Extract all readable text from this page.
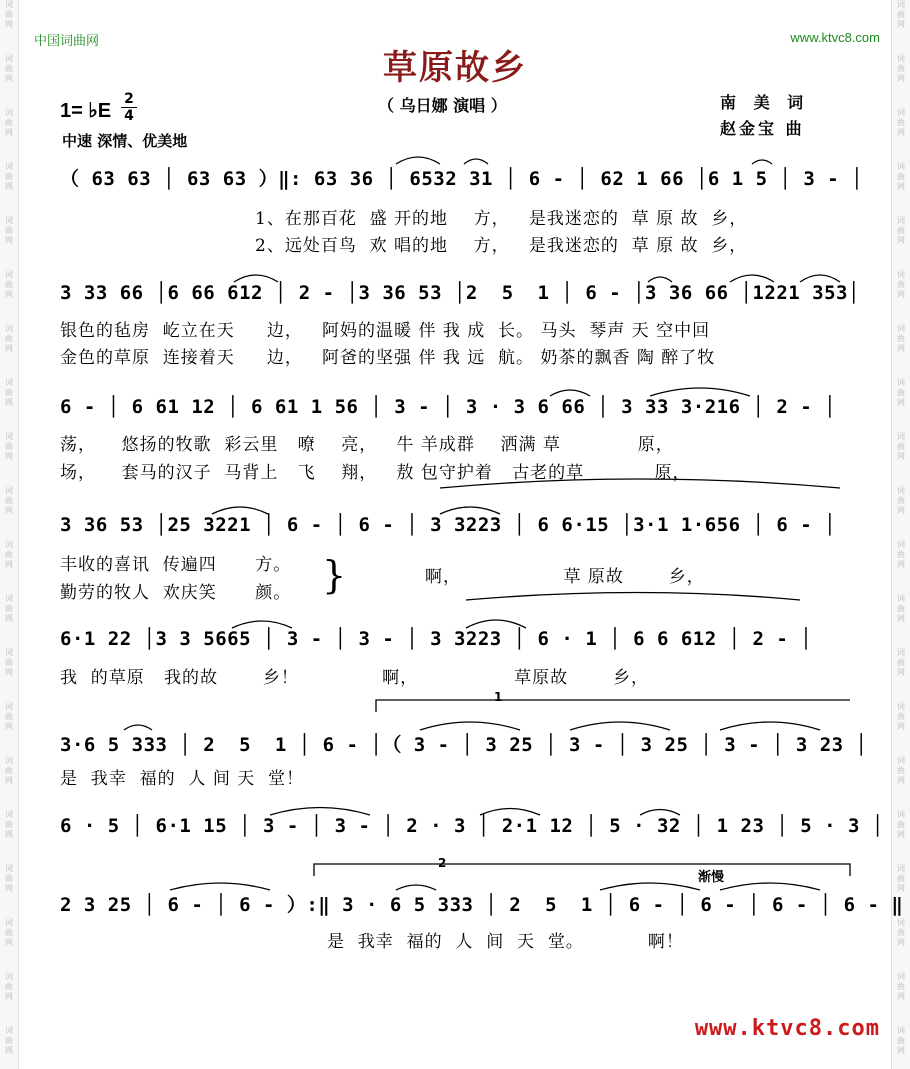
词
曲
网
词
曲
网
词
曲
网
词
曲
网
词
曲
网
词
曲
网
词
曲
网
词
曲
网
词
曲
网
词
曲
网
词
曲
网
词
曲
网
词
曲
网
词
曲
网
词
曲
网
词
曲
网
词
曲
网
词
曲
网
词
曲
网
词
曲
网
词
曲
网
词
曲
网
词
曲
网
词
曲
网
词
曲
网
词
曲
网
词
曲
网
词
曲
网
词
曲
网
词
曲
网
词
曲
网
词
曲
网
词
曲
网
词
曲
网
词
曲
网
词
曲
网
词
曲
网
词
曲
网
词
曲
网
词
曲
网
中国词曲网	www.ktvc8.com
草原故乡
（ 乌日娜 演唱 ）
1= ♭E
2
4
中速 深情、优美地
南 美 词
赵金宝 曲
（ 63 63 │ 63 63 ）‖: 63 36 │ 6532 31 │ 6 - │ 62 1 66 │6 1 5 │ 3 - │
1、在那百花  盛 开的地    方，   是我迷恋的  草 原 故  乡，
2、远处百鸟  欢 唱的地    方，   是我迷恋的  草 原 故  乡，
3 33 66 │6 66 612 │ 2 - │3 36 53 │2  5  1 │ 6 - │3 36 66 │1221 353│
银色的毡房  屹立在天     边，   阿妈的温暖 伴 我 成  长。 马头  琴声 天 空中回
金色的草原  连接着天     边，   阿爸的坚强 伴 我 远  航。 奶茶的飘香 陶 醉了牧
6 - │ 6 61 12 │ 6 61 1 56 │ 3 - │ 3 · 3 6 66 │ 3 33 3·216 │ 2 - │
荡，    悠扬的牧歌  彩云里   嘹    亮，   牛 羊成群    洒满 草            原，
场，    套马的汉子  马背上   飞    翔，   敖 包守护着   古老的草           原，
3 36 53 │25 3221 │ 6 - │ 6 - │ 3 3223 │ 6 6·15 │3·1 1·656 │ 6 - │
丰收的喜讯  传遍四      方。
勤劳的牧人  欢庆笑      颜。 }	啊，                草 原故       乡，
6·1 22 │3 3 5665 │ 3 - │ 3 - │ 3 3223 │ 6 · 1 │ 6 6 612 │ 2 - │
我  的草原   我的故       乡！             啊，               草原故       乡，
1
3·6 5 333 │ 2  5  1 │ 6 - │（ 3 - │ 3 25 │ 3 - │ 3 25 │ 3 - │ 3 23 │
是  我幸  福的  人 间 天  堂！
6 · 5 │ 6·1 15 │ 3 - │ 3 - │ 2 · 3 │ 2·1 12 │ 5 · 32 │ 1 23 │ 5 · 3 │
2
渐慢
2 3 25 │ 6 - │ 6 - ）:‖ 3 · 6 5 333 │ 2  5  1 │ 6 - │ 6 - │ 6 - │ 6 - ‖
是  我幸  福的  人  间  天  堂。          啊！
www.ktvc8.com
